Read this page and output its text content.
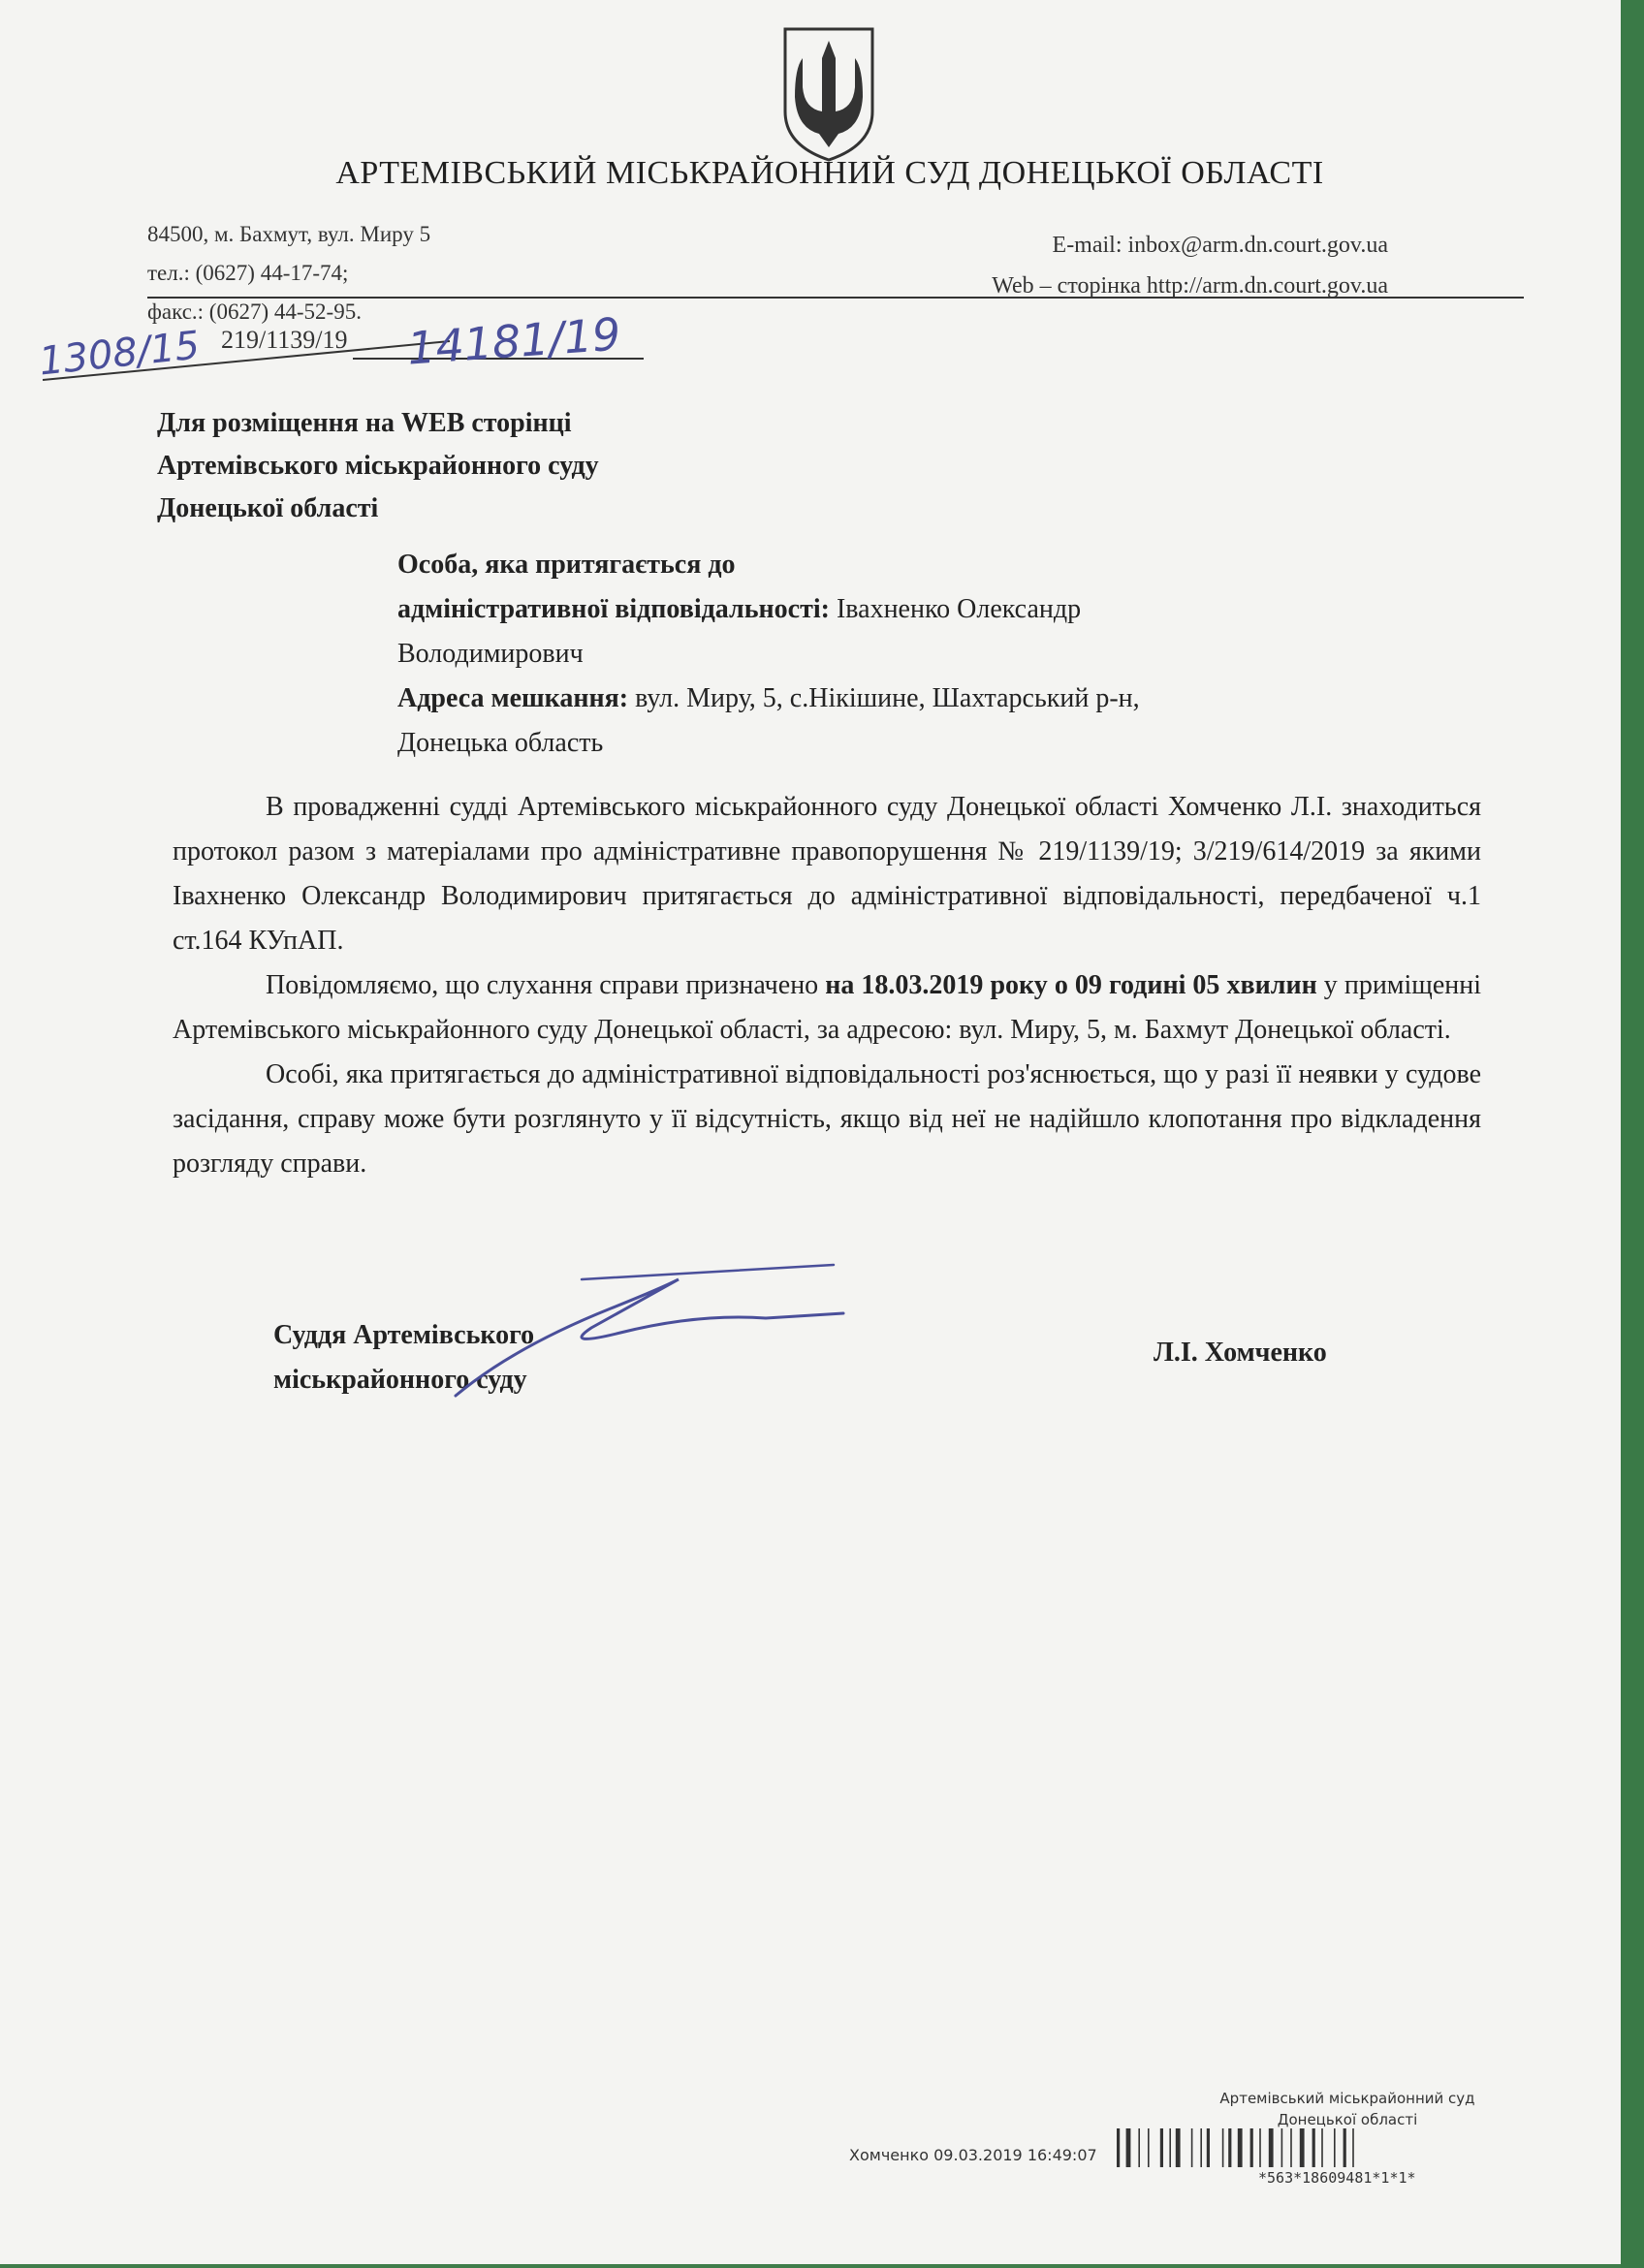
АРТЕМІВСЬКИЙ МІСЬКРАЙОННИЙ СУД ДОНЕЦЬКОЇ ОБЛАСТІ
84500, м. Бахмут, вул. Миру 5
тел.: (0627) 44-17-74;
факс.: (0627) 44-52-95.
E-mail: inbox@arm.dn.court.gov.ua
Web – сторінка http://arm.dn.court.gov.ua
219/1139/19
1308/15	14181/19
Для розміщення на WEB сторінці
Артемівського міськрайонного суду
Донецької області
Особа, яка притягається до
адміністративної відповідальності: Івахненко Олександр
Володимирович
Адреса мешкання: вул. Миру, 5, с.Нікішине, Шахтарський р-н,
Донецька область

В провадженні судді Артемівського міськрайонного суду Донецької області Хомченко Л.І. знаходиться протокол разом з матеріалами про адміністративне правопорушення № 219/1139/19; 3/219/614/2019 за якими Івахненко Олександр Володимирович притягається до адміністративної відповідальності, передбаченої ч.1 ст.164 КУпАП.

Повідомляємо, що слухання справи призначено на 18.03.2019 року о 09 годині 05 хвилин у приміщенні Артемівського міськрайонного суду Донецької області, за адресою: вул. Миру, 5, м. Бахмут Донецької області.

Особі, яка притягається до адміністративної відповідальності роз'яснюється, що у разі її неявки у судове засідання, справу може бути розглянуто у її відсутність, якщо від неї не надійшло клопотання про відкладення розгляду справи.

Суддя Артемівського
міськрайонного суду
Л.І. Хомченко
Артемівський міськрайонний суд
Донецької області
Хомченко 09.03.2019 16:49:07
*563*18609481*1*1*
